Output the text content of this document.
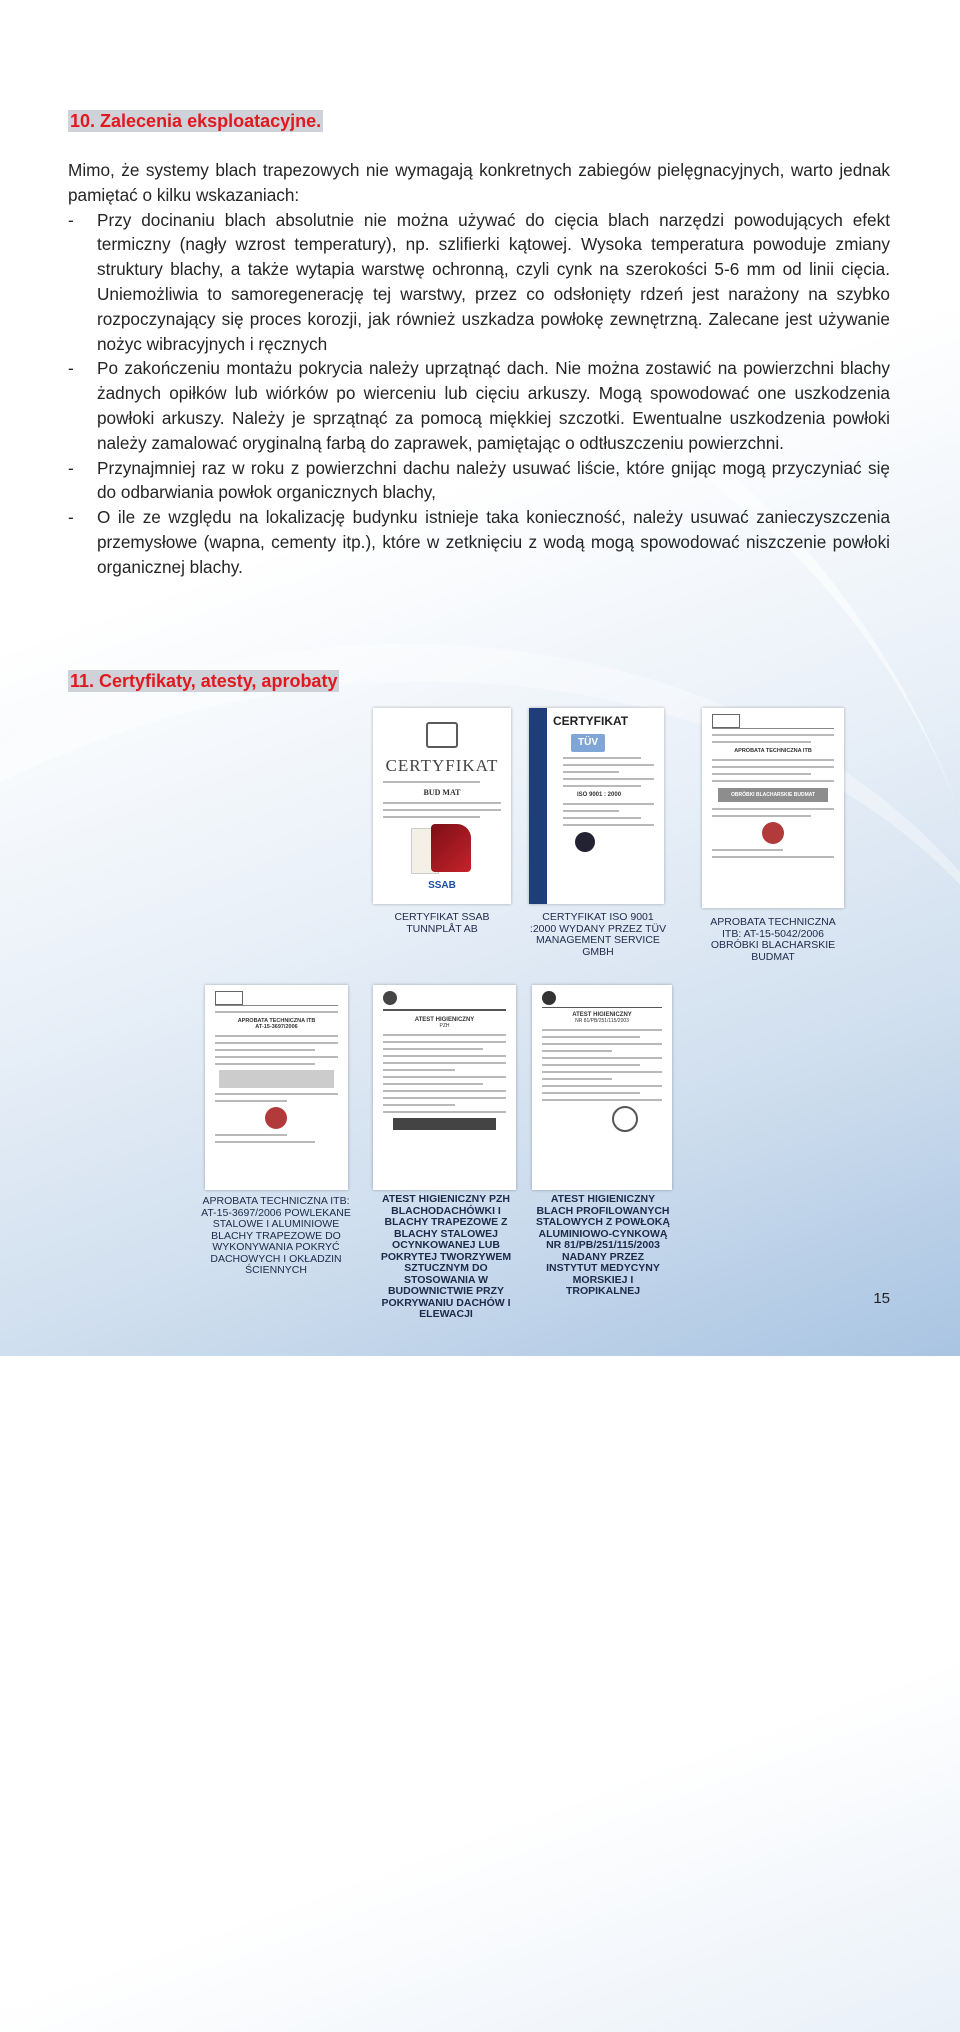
10. Zalecenia eksploatacyjne.

Mimo, że systemy blach trapezowych nie wymagają konkretnych zabiegów pielęgnacyjnych, warto jednak pamiętać o kilku wskazaniach:

- Przy docinaniu blach absolutnie nie można używać do cięcia blach narzędzi powodujących efekt termiczny (nagły wzrost temperatury), np. szlifierki kątowej. Wysoka temperatura powoduje zmiany struktury blachy, a także wytapia warstwę ochronną, czyli cynk na szerokości 5-6 mm od linii cięcia. Uniemożliwia to samoregenerację tej warstwy, przez co odsłonięty rdzeń jest narażony na szybko rozpoczynający się proces korozji, jak również uszkadza powłokę zewnętrzną. Zalecane jest używanie nożyc wibracyjnych i ręcznych

- Po zakończeniu montażu pokrycia należy uprzątnąć dach. Nie można zostawić na powierzchni blachy żadnych opiłków lub wiórków po wierceniu lub cięciu arkuszy. Mogą spowodować one uszkodzenia powłoki arkuszy. Należy je sprzątnąć za pomocą miękkiej szczotki. Ewentualne uszkodzenia powłoki należy zamalować oryginalną farbą do zaprawek, pamiętając o odtłuszczeniu powierzchni.

- Przynajmniej raz w roku z powierzchni dachu należy usuwać liście, które gnijąc mogą przyczyniać się do odbarwiania powłok organicznych blachy,

- O ile ze względu na lokalizację budynku istnieje taka konieczność, należy usuwać zanieczyszczenia przemysłowe (wapna, cementy itp.), które w zetknięciu z wodą mogą spowodować niszczenie powłoki organicznej blachy.

11. Certyfikaty, atesty, aprobaty
CERTYFIKAT
BUD MAT
SSAB
CERTYFIKAT
TÜV
ISO 9001 : 2000
APROBATA TECHNICZNA ITB
OBRÓBKI BLACHARSKIE BUDMAT
CERTYFIKAT SSAB TUNNPLÅT AB
CERTYFIKAT ISO 9001 :2000 WYDANY PRZEZ TÜV MANAGEMENT SERVICE GMBH
APROBATA TECHNICZNA ITB: AT-15-5042/2006 OBRÓBKI BLACHARSKIE BUDMAT
APROBATA TECHNICZNA ITB
AT-15-3697/2006
ATEST HIGIENICZNY
PZH
ATEST HIGIENICZNY
NR 81/PB/251/115/2003
APROBATA TECHNICZNA ITB: AT-15-3697/2006 POWLEKANE STALOWE I ALUMINIOWE BLACHY TRAPEZOWE DO WYKONYWANIA POKRYĆ DACHOWYCH I OKŁADZIN ŚCIENNYCH
ATEST HIGIENICZNY PZH BLACHODACHÓWKI I BLACHY TRAPEZOWE Z BLACHY STALOWEJ OCYNKOWANEJ LUB POKRYTEJ TWORZYWEM SZTUCZNYM DO STOSOWANIA W BUDOWNICTWIE PRZY POKRYWANIU DACHÓW I ELEWACJI
ATEST HIGIENICZNY BLACH PROFILOWANYCH STALOWYCH Z POWŁOKĄ ALUMINIOWO-CYNKOWĄ NR 81/PB/251/115/2003 NADANY PRZEZ INSTYTUT MEDYCYNY MORSKIEJ I TROPIKALNEJ	15
